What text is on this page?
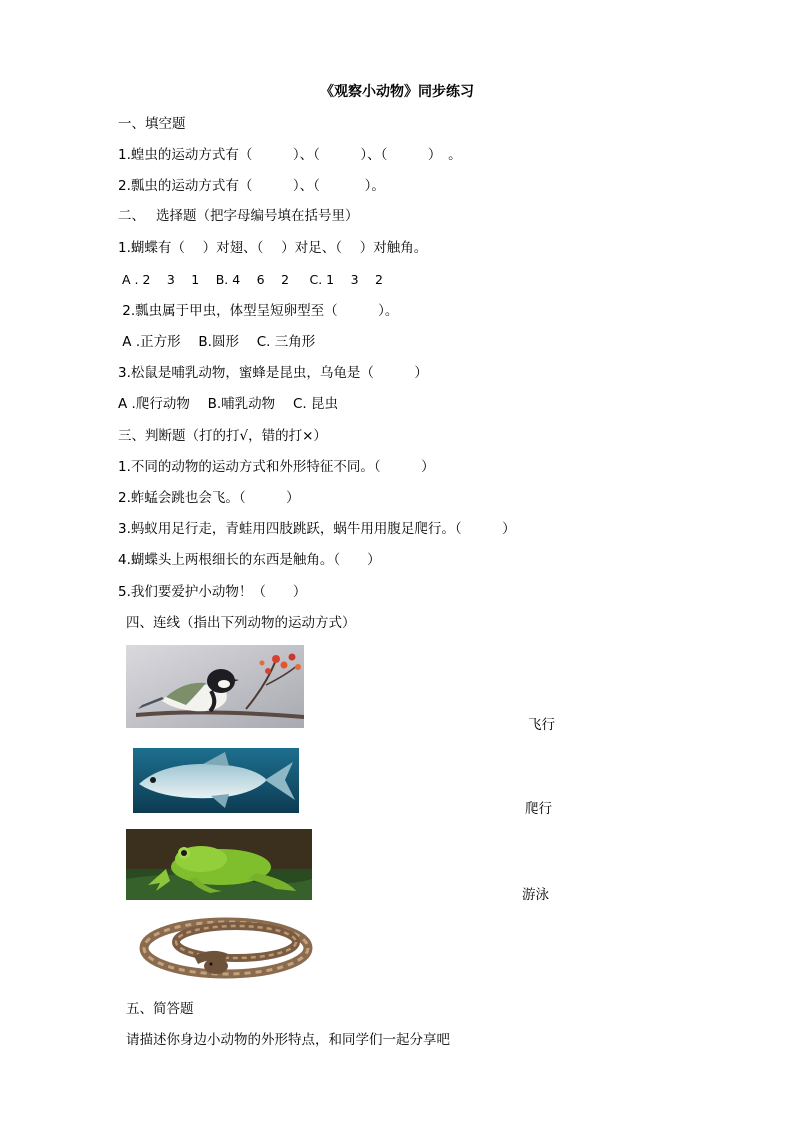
《观察小动物》同步练习
一、填空题
1.蝗虫的运动方式有（　　　）、（　　　）、（　　　）　。
2.瓢虫的运动方式有（　　　）、（　　　 ）。
二、　 选择题（把字母编号填在括号里）
1.蝴蝶有（　 ）对翅、（　 ）对足、（　 ）对触角。
A . 2　 3　 1　 B. 4　 6　 2　  C. 1　 3　 2
2.瓢虫属于甲虫，体型呈短卵型至（　　　）。
A .正方形　 B.圆形　 C. 三角形
3.松鼠是哺乳动物，蜜蜂是昆虫，乌龟是（　　　）
A .爬行动物　 B.哺乳动物　 C. 昆虫
三、判断题（打的打√，错的打×）
1.不同的动物的运动方式和外形特征不同。（　　　）
2.蚱蜢会跳也会飞。（　　　）
3.蚂蚁用足行走，青蛙用四肢跳跃，蜗牛用用腹足爬行。（　　　）
4.蝴蝶头上两根细长的东西是触角。（　　）
5.我们要爱护小动物！（　　）
四、连线（指出下列动物的运动方式）
飞行
爬行
游泳
五、简答题
请描述你身边小动物的外形特点，和同学们一起分享吧
